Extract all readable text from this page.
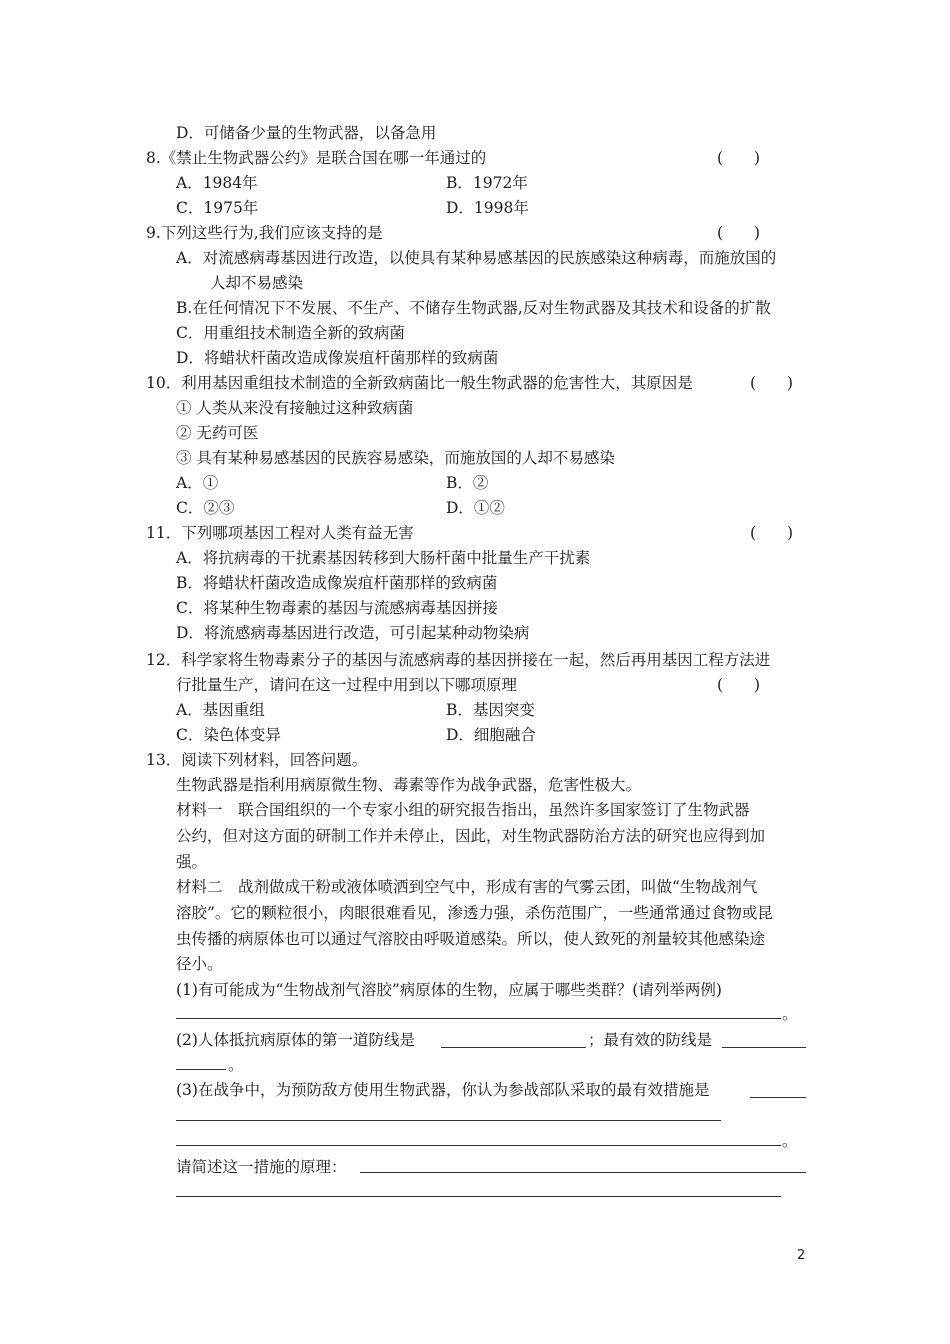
D．可储备少量的生物武器，以备急用
8.《禁止生物武器公约》是联合国在哪一年通过的	(　　)
A．1984年	B．1972年
C．1975年	D．1998年
9.下列这些行为,我们应该支持的是	(　　)
A．对流感病毒基因进行改造，以使具有某种易感基因的民族感染这种病毒，而施放国的
人却不易感染
B.在任何情况下不发展、不生产、不储存生物武器,反对生物武器及其技术和设备的扩散
C．用重组技术制造全新的致病菌
D．将蜡状杆菌改造成像炭疽杆菌那样的致病菌
10．利用基因重组技术制造的全新致病菌比一般生物武器的危害性大，其原因是	(　　)
① 人类从来没有接触过这种致病菌
② 无药可医
③ 具有某种易感基因的民族容易感染，而施放国的人却不易感染
A．①	B．②
C．②③	D．①②
11．下列哪项基因工程对人类有益无害	(　　)
A．将抗病毒的干扰素基因转移到大肠杆菌中批量生产干扰素
B．将蜡状杆菌改造成像炭疽杆菌那样的致病菌
C．将某种生物毒素的基因与流感病毒基因拼接
D．将流感病毒基因进行改造，可引起某种动物染病
12．科学家将生物毒素分子的基因与流感病毒的基因拼接在一起，然后再用基因工程方法进
行批量生产，请问在这一过程中用到以下哪项原理	(　　)
A．基因重组	B．基因突变
C．染色体变异	D．细胞融合
13．阅读下列材料，回答问题。
生物武器是指利用病原微生物、毒素等作为战争武器，危害性极大。
材料一　联合国组织的一个专家小组的研究报告指出，虽然许多国家签订了生物武器
公约，但对这方面的研制工作并未停止，因此，对生物武器防治方法的研究也应得到加
强。
材料二　战剂做成干粉或液体喷洒到空气中，形成有害的气雾云团，叫做“生物战剂气
溶胶”。它的颗粒很小，肉眼很难看见，渗透力强，杀伤范围广，一些通常通过食物或昆
虫传播的病原体也可以通过气溶胶由呼吸道感染。所以，使人致死的剂量较其他感染途
径小。
(1)有可能成为“生物战剂气溶胶”病原体的生物，应属于哪些类群？(请列举两例)
。
(2)人体抵抗病原体的第一道防线是	；最有效的防线是
。
(3)在战争中，为预防敌方使用生物武器，你认为参战部队采取的最有效措施是
。
请简述这一措施的原理：
2
